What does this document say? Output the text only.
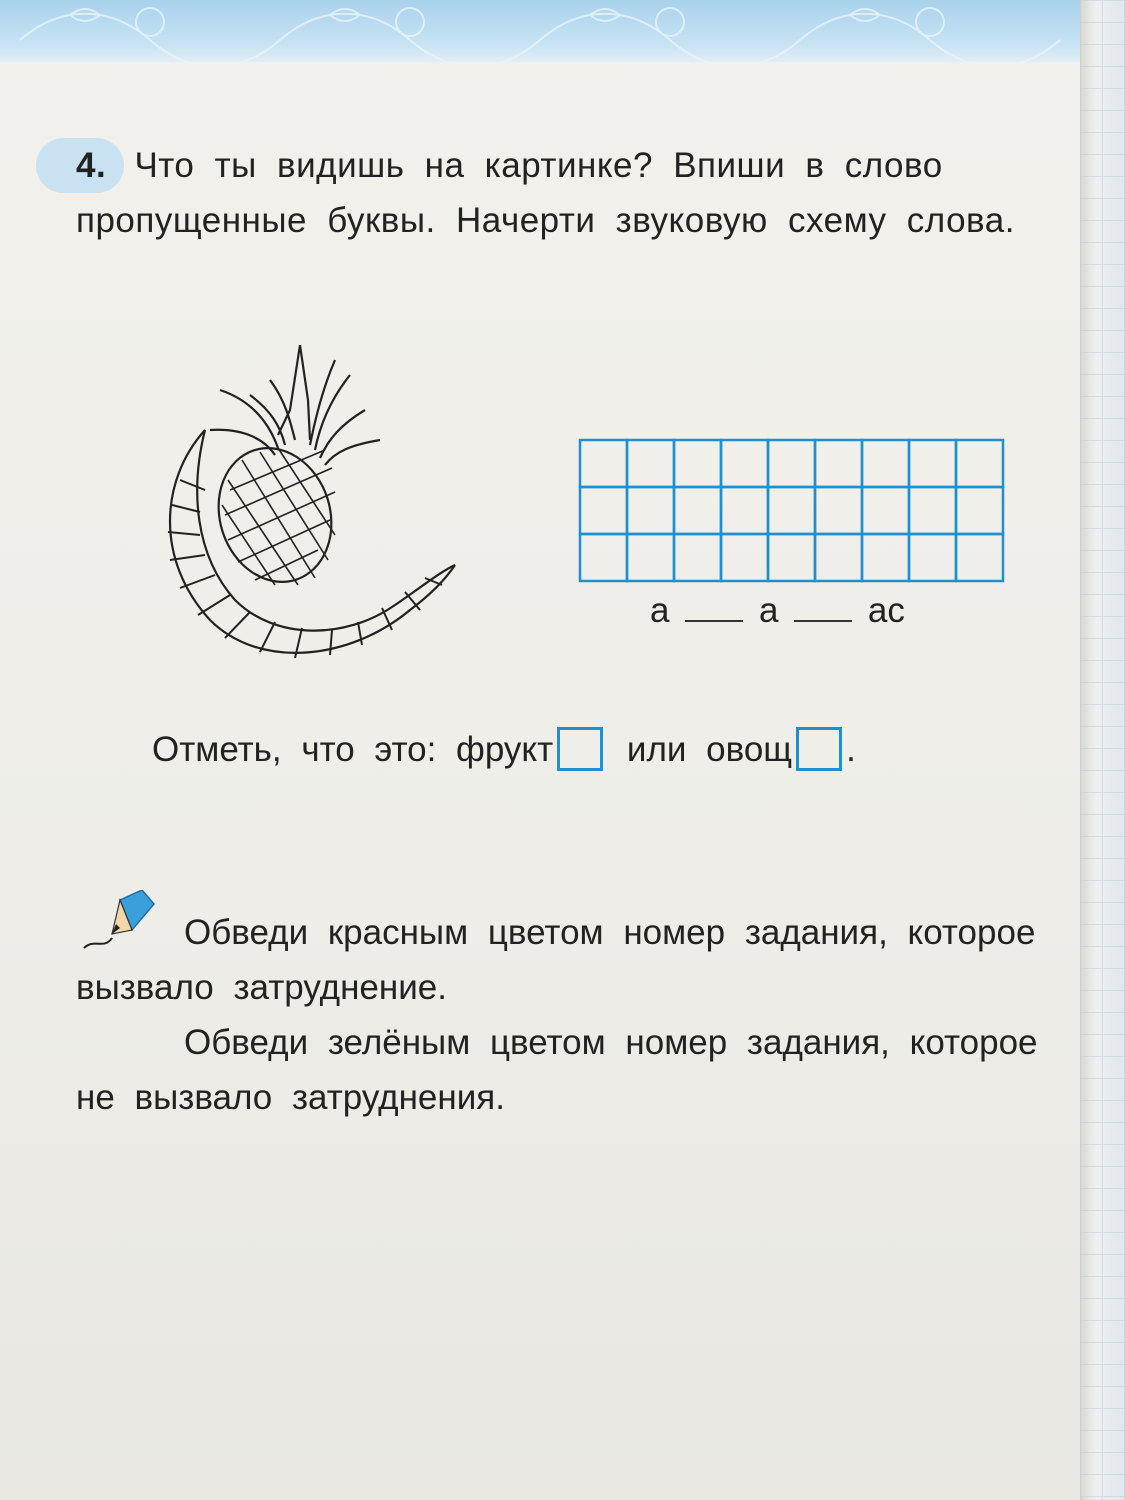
4. Что ты видишь на картинке? Впиши в слово пропущенные буквы. Начерти звуковую схему слова.
а	а	ас
Отметь, что это: фрукт или овощ .

Обведи красным цветом номер задания, которое вызвало затруднение.

Обведи зелёным цветом номер задания, которое не вызвало затруднения.
